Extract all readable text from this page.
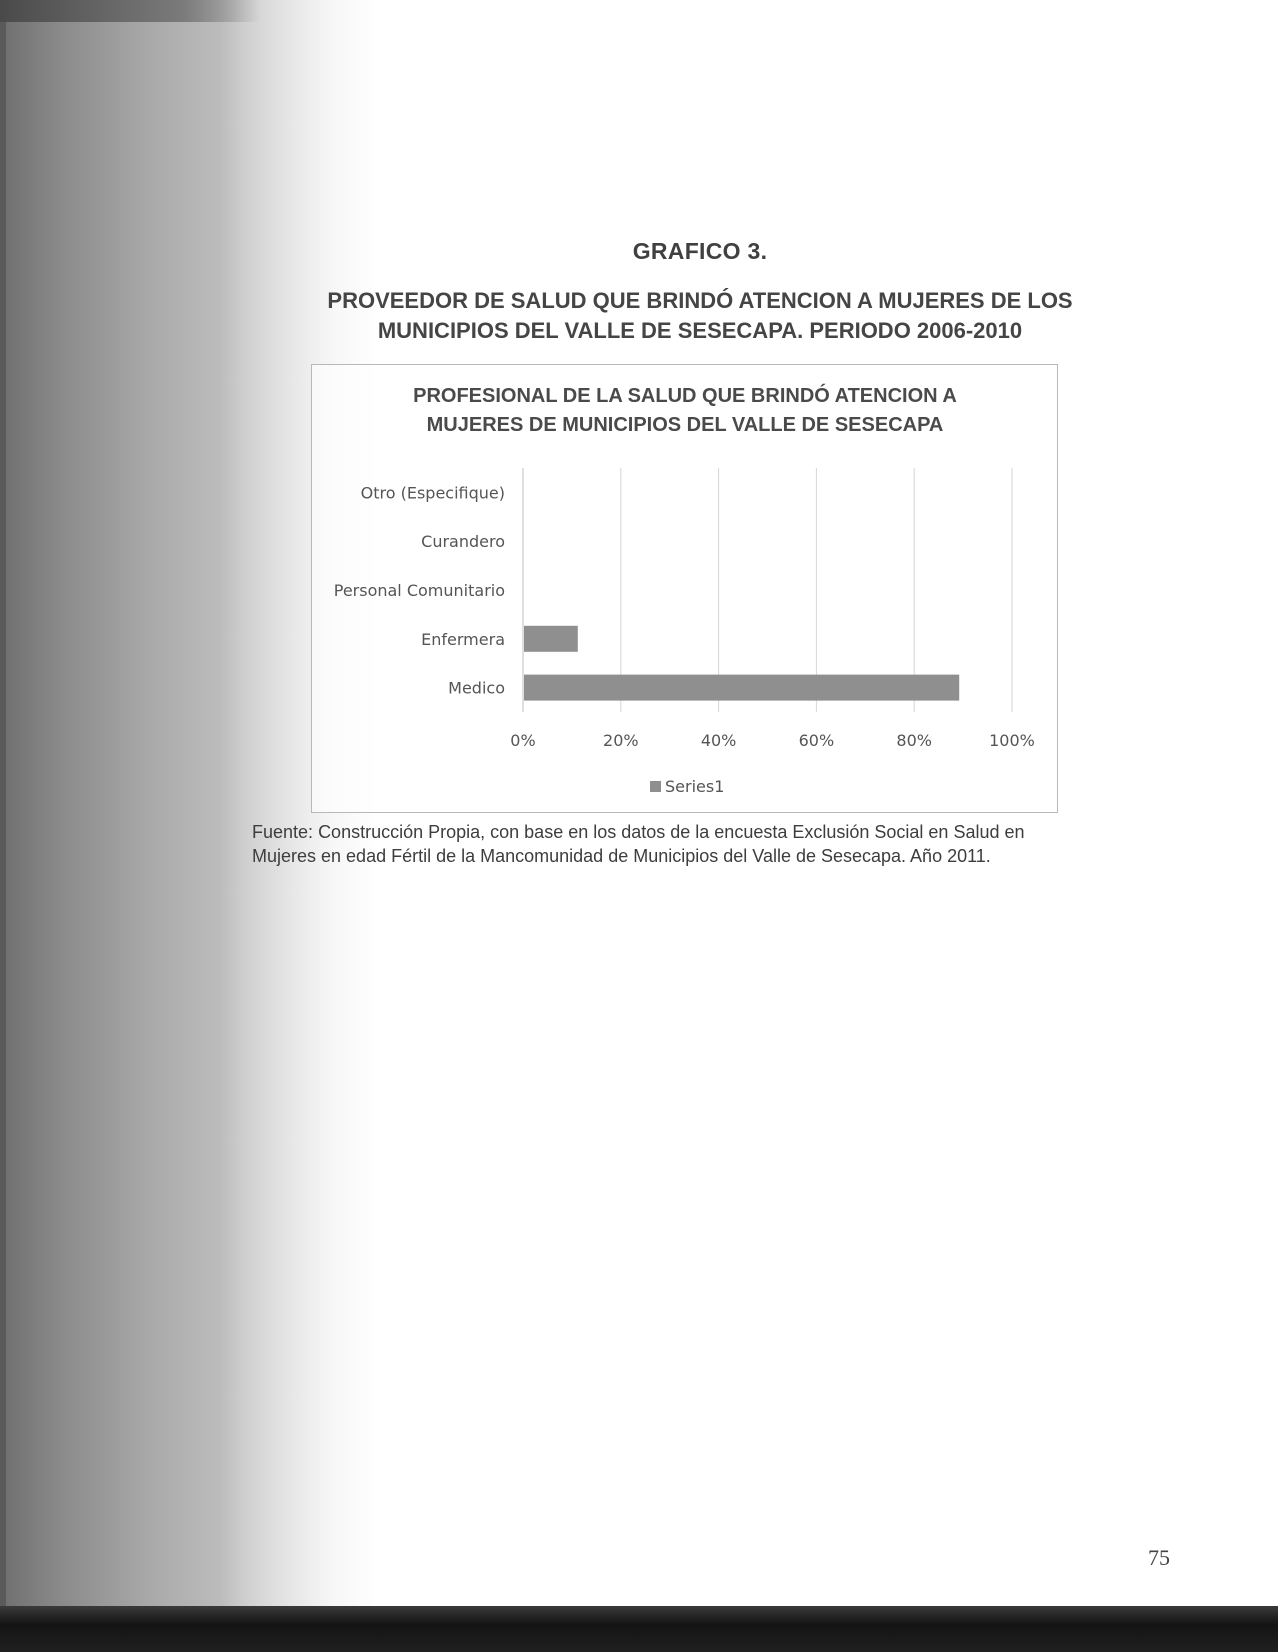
GRAFICO 3.
PROVEEDOR DE SALUD QUE BRINDÓ ATENCION A MUJERES DE LOS
MUNICIPIOS DEL VALLE DE SESECAPA. PERIODO 2006-2010
PROFESIONAL DE LA SALUD QUE BRINDÓ ATENCION A
MUJERES DE MUNICIPIOS DEL VALLE DE SESECAPA
0%	20%	40%	60%	80%	100%
Otro (Especifique)
Curandero
Personal Comunitario
Enfermera
Medico
Series1
Fuente: Construcción Propia, con base en los datos de la encuesta Exclusión Social en Salud en
Mujeres en edad Fértil de la Mancomunidad de Municipios del Valle de Sesecapa. Año 2011.
75
